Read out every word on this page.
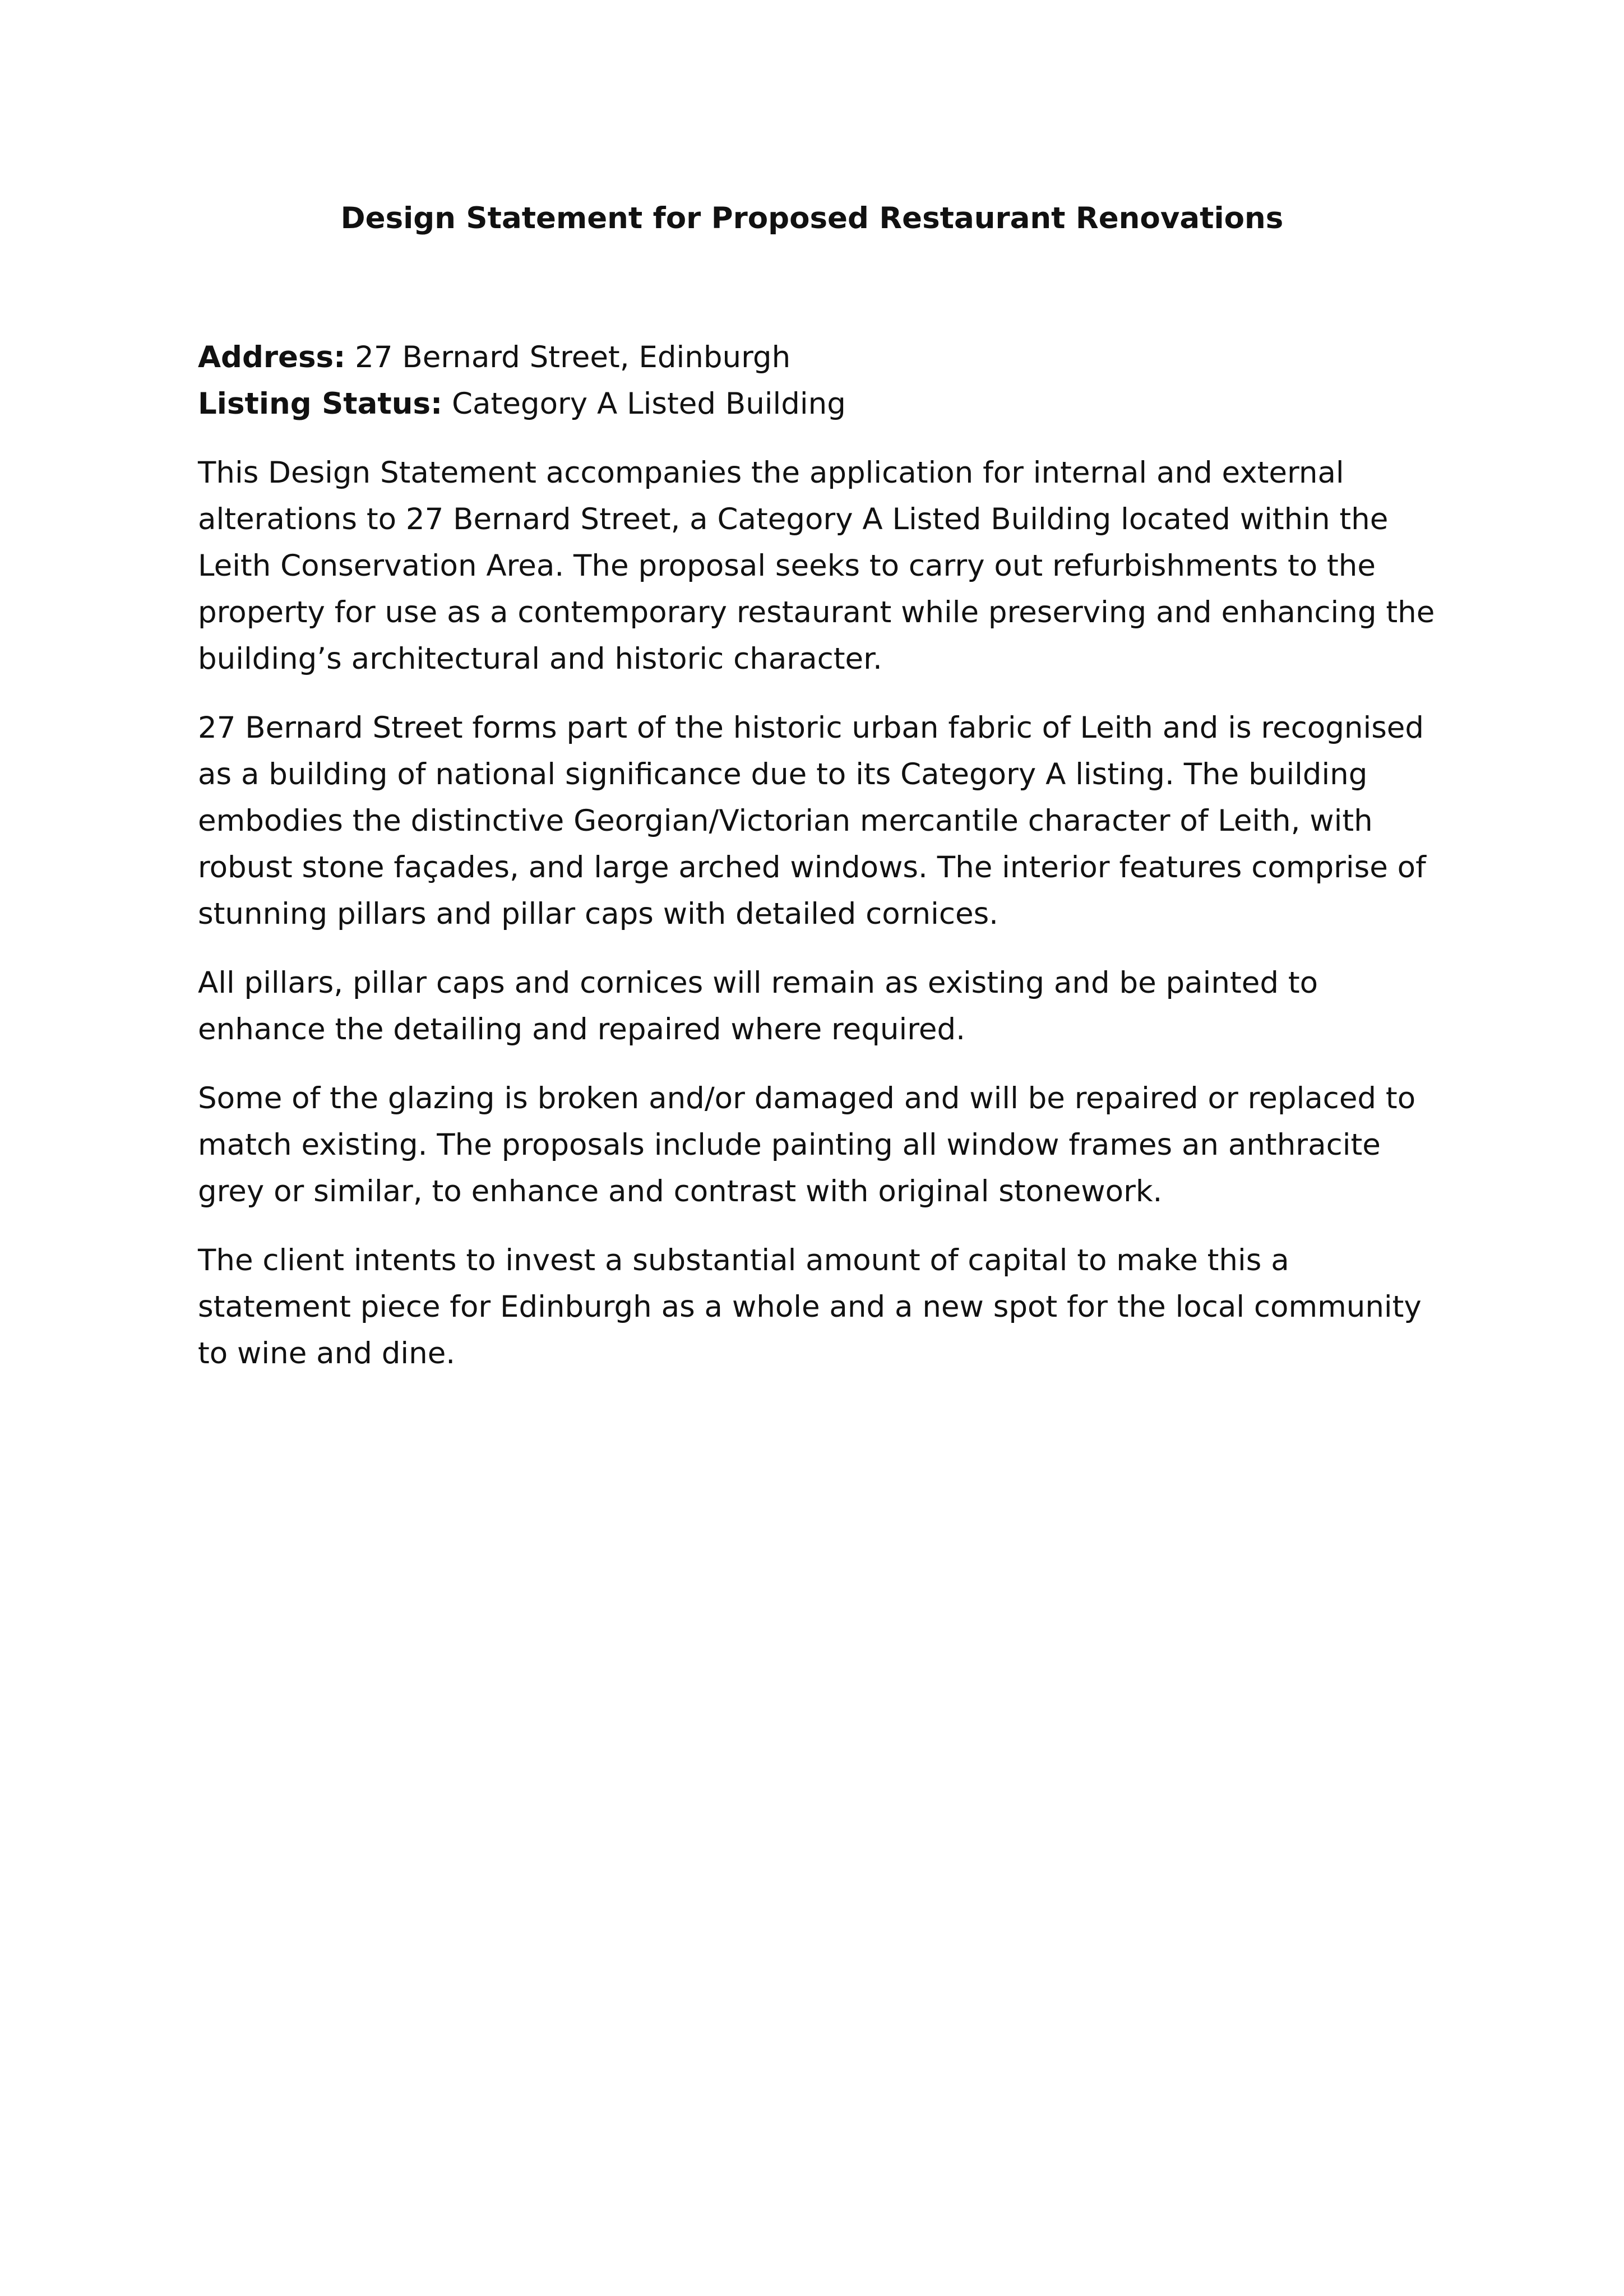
Design Statement for Proposed Restaurant Renovations

Address: 27 Bernard Street, Edinburgh

Listing Status: Category A Listed Building

This Design Statement accompanies the application for internal and external alterations to 27 Bernard Street, a Category A Listed Building located within the Leith Conservation Area. The proposal seeks to carry out refurbishments to the property for use as a contemporary restaurant while preserving and enhancing the building’s architectural and historic character.

27 Bernard Street forms part of the historic urban fabric of Leith and is recognised as a building of national significance due to its Category A listing. The building embodies the distinctive Georgian/Victorian mercantile character of Leith, with robust stone façades, and large arched windows. The interior features comprise of stunning pillars and pillar caps with detailed cornices.

All pillars, pillar caps and cornices will remain as existing and be painted to enhance the detailing and repaired where required.

Some of the glazing is broken and/or damaged and will be repaired or replaced to match existing. The proposals include painting all window frames an anthracite grey or similar, to enhance and contrast with original stonework.

The client intents to invest a substantial amount of capital to make this a statement piece for Edinburgh as a whole and a new spot for the local community to wine and dine.
